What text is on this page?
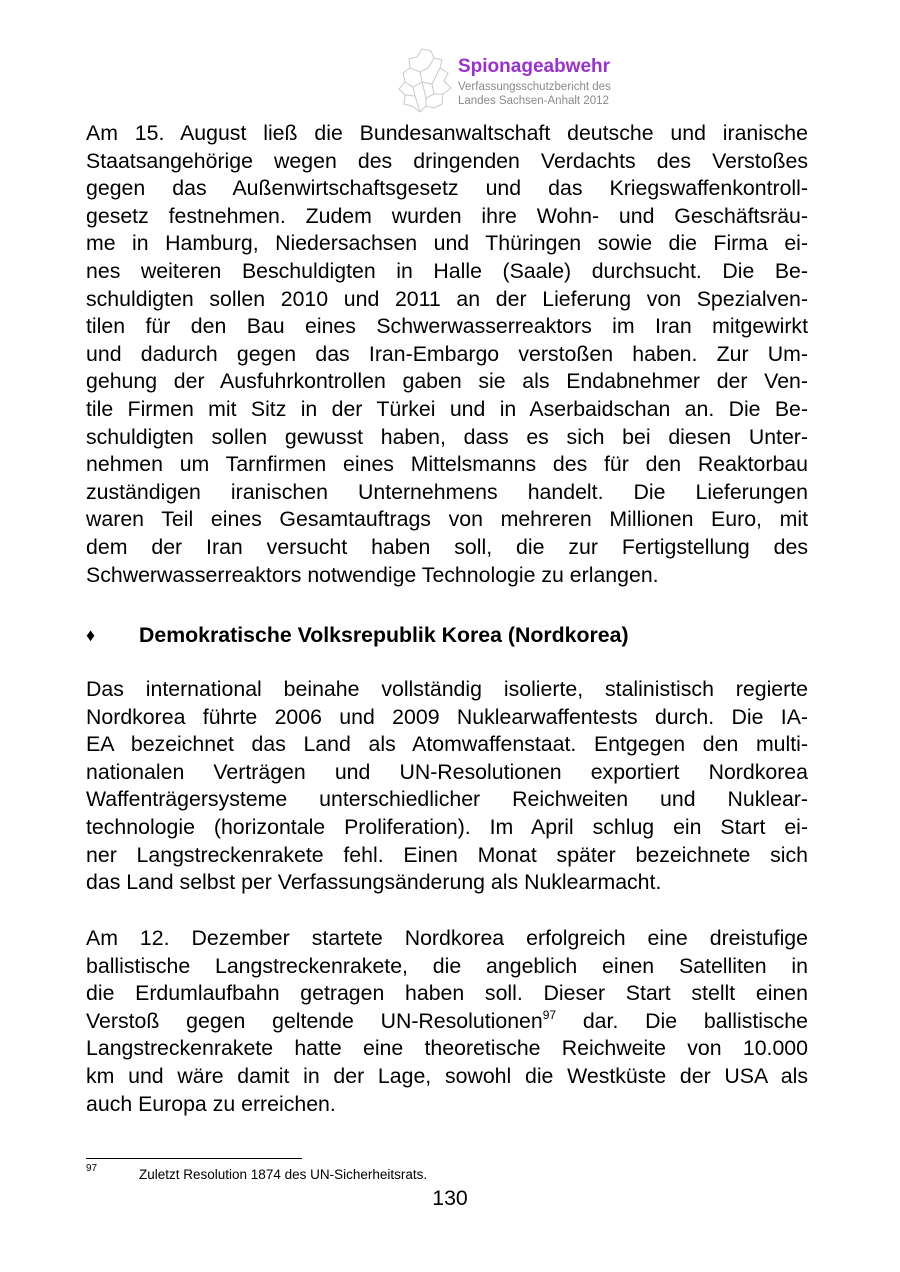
Spionageabwehr
Verfassungsschutzbericht des
Landes Sachsen-Anhalt 2012
Am 15. August ließ die Bundesanwaltschaft deutsche und iranische
Staatsangehörige wegen des dringenden Verdachts des Verstoßes
gegen das Außenwirtschaftsgesetz und das Kriegswaffenkontroll-
gesetz festnehmen. Zudem wurden ihre Wohn- und Geschäftsräu-
me in Hamburg, Niedersachsen und Thüringen sowie die Firma ei-
nes weiteren Beschuldigten in Halle (Saale) durchsucht. Die Be-
schuldigten sollen 2010 und 2011 an der Lieferung von Spezialven-
tilen für den Bau eines Schwerwasserreaktors im Iran mitgewirkt
und dadurch gegen das Iran-Embargo verstoßen haben. Zur Um-
gehung der Ausfuhrkontrollen gaben sie als Endabnehmer der Ven-
tile Firmen mit Sitz in der Türkei und in Aserbaidschan an. Die Be-
schuldigten sollen gewusst haben, dass es sich bei diesen Unter-
nehmen um Tarnfirmen eines Mittelsmanns des für den Reaktorbau
zuständigen iranischen Unternehmens handelt. Die Lieferungen
waren Teil eines Gesamtauftrags von mehreren Millionen Euro, mit
dem der Iran versucht haben soll, die zur Fertigstellung des
Schwerwasserreaktors notwendige Technologie zu erlangen.
♦ Demokratische Volksrepublik Korea (Nordkorea)
Das international beinahe vollständig isolierte, stalinistisch regierte
Nordkorea führte 2006 und 2009 Nuklearwaffentests durch. Die IA-
EA bezeichnet das Land als Atomwaffenstaat. Entgegen den multi-
nationalen Verträgen und UN-Resolutionen exportiert Nordkorea
Waffenträgersysteme unterschiedlicher Reichweiten und Nuklear-
technologie (horizontale Proliferation). Im April schlug ein Start ei-
ner Langstreckenrakete fehl. Einen Monat später bezeichnete sich
das Land selbst per Verfassungsänderung als Nuklearmacht.
Am 12. Dezember startete Nordkorea erfolgreich eine dreistufige
ballistische Langstreckenrakete, die angeblich einen Satelliten in
die Erdumlaufbahn getragen haben soll. Dieser Start stellt einen
Verstoß gegen geltende UN-Resolutionen$^{97}$ dar. Die ballistische
Langstreckenrakete hatte eine theoretische Reichweite von 10.000
km und wäre damit in der Lage, sowohl die Westküste der USA als
auch Europa zu erreichen.
97	Zuletzt Resolution 1874 des UN-Sicherheitsrats.
130
